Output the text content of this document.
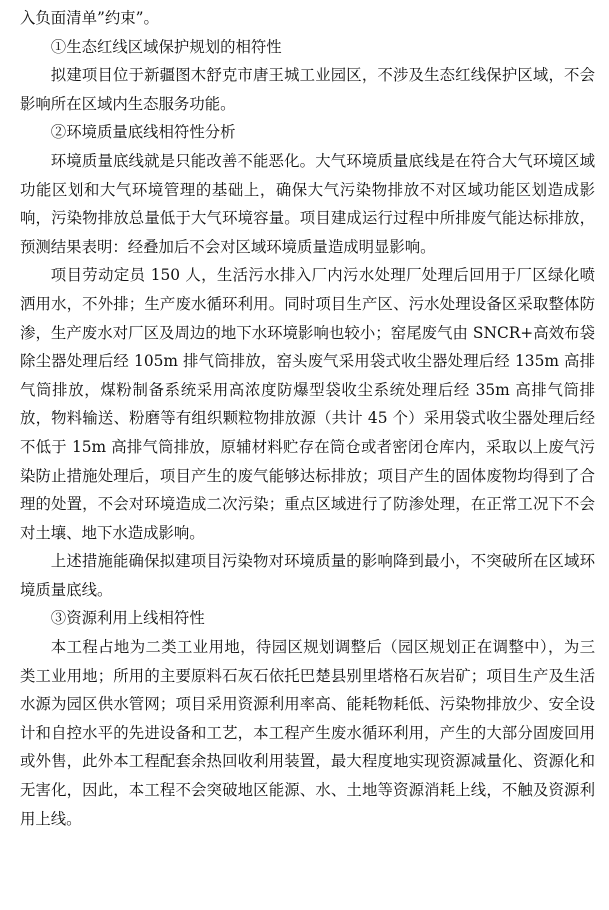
入负面清单”约束”。

①生态红线区域保护规划的相符性

拟建项目位于新疆图木舒克市唐王城工业园区，不涉及生态红线保护区域，不会影响所在区域内生态服务功能。

②环境质量底线相符性分析

环境质量底线就是只能改善不能恶化。大气环境质量底线是在符合大气环境区域功能区划和大气环境管理的基础上，确保大气污染物排放不对区域功能区划造成影响，污染物排放总量低于大气环境容量。项目建成运行过程中所排废气能达标排放，预测结果表明：经叠加后不会对区域环境质量造成明显影响。

项目劳动定员 150 人，生活污水排入厂内污水处理厂处理后回用于厂区绿化喷洒用水，不外排；生产废水循环利用。同时项目生产区、污水处理设备区采取整体防渗，生产废水对厂区及周边的地下水环境影响也较小；窑尾废气由 SNCR+高效布袋除尘器处理后经 105m 排气筒排放，窑头废气采用袋式收尘器处理后经 135m 高排气筒排放，煤粉制备系统采用高浓度防爆型袋收尘系统处理后经 35m 高排气筒排放，物料输送、粉磨等有组织颗粒物排放源（共计 45 个）采用袋式收尘器处理后经不低于 15m 高排气筒排放，原辅材料贮存在筒仓或者密闭仓库内，采取以上废气污染防止措施处理后，项目产生的废气能够达标排放；项目产生的固体废物均得到了合理的处置，不会对环境造成二次污染；重点区域进行了防渗处理，在正常工况下不会对土壤、地下水造成影响。

上述措施能确保拟建项目污染物对环境质量的影响降到最小，不突破所在区域环境质量底线。

③资源利用上线相符性

本工程占地为二类工业用地，待园区规划调整后（园区规划正在调整中），为三类工业用地；所用的主要原料石灰石依托巴楚县别里塔格石灰岩矿；项目生产及生活水源为园区供水管网；项目采用资源利用率高、能耗物耗低、污染物排放少、安全设计和自控水平的先进设备和工艺，本工程产生废水循环利用，产生的大部分固废回用或外售，此外本工程配套余热回收利用装置，最大程度地实现资源减量化、资源化和无害化，因此，本工程不会突破地区能源、水、土地等资源消耗上线，不触及资源利用上线。
